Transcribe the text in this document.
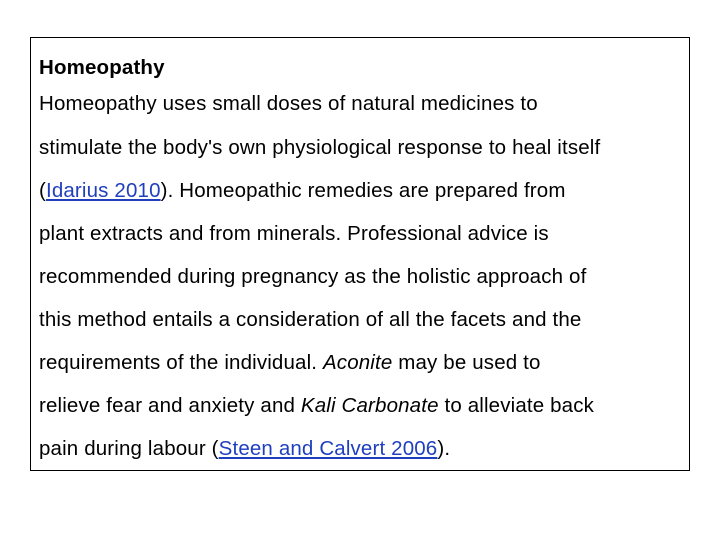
Homeopathy

Homeopathy uses small doses of natural medicines to
stimulate the body's own physiological response to heal itself
(Idarius 2010). Homeopathic remedies are prepared from
plant extracts and from minerals. Professional advice is
recommended during pregnancy as the holistic approach of
this method entails a consideration of all the facets and the
requirements of the individual. Aconite may be used to
relieve fear and anxiety and Kali Carbonate to alleviate back
pain during labour (Steen and Calvert 2006).
